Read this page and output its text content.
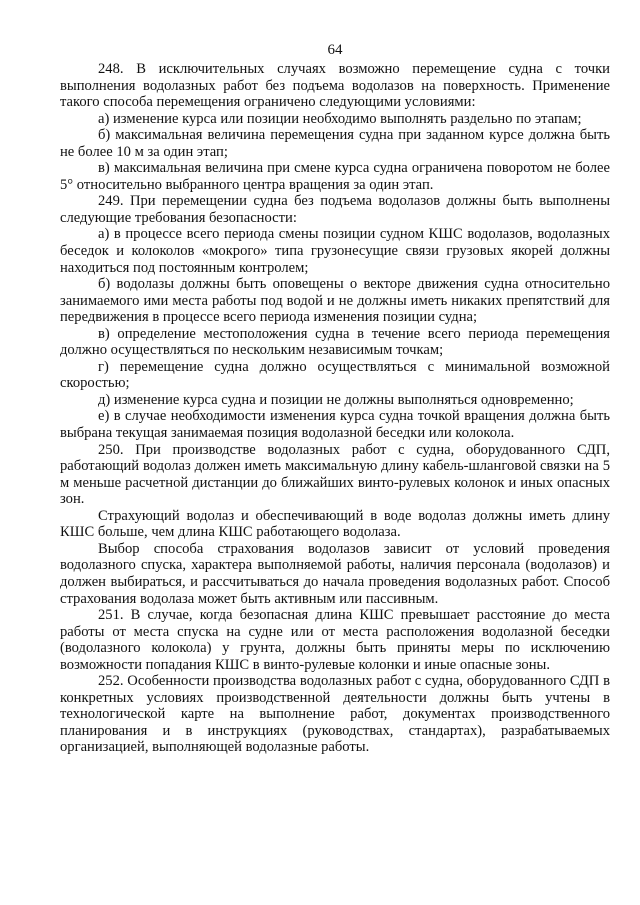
64

248. В исключительных случаях возможно перемещение судна с точки выполнения водолазных работ без подъема водолазов на поверхность. Применение такого способа перемещения ограничено следующими условиями:

а) изменение курса или позиции необходимо выполнять раздельно по этапам;

б) максимальная величина перемещения судна при заданном курсе должна быть не более 10 м за один этап;

в) максимальная величина при смене курса судна ограничена поворотом не более 5° относительно выбранного центра вращения за один этап.

249. При перемещении судна без подъема водолазов должны быть выполнены следующие требования безопасности:

а) в процессе всего периода смены позиции судном КШС водолазов, водолазных беседок и колоколов «мокрого» типа грузонесущие связи грузовых якорей должны находиться под постоянным контролем;

б) водолазы должны быть оповещены о векторе движения судна относительно занимаемого ими места работы под водой и не должны иметь никаких препятствий для передвижения в процессе всего периода изменения позиции судна;

в) определение местоположения судна в течение всего периода перемещения должно осуществляться по нескольким независимым точкам;

г) перемещение судна должно осуществляться с минимальной возможной скоростью;

д) изменение курса судна и позиции не должны выполняться одновременно;

е) в случае необходимости изменения курса судна точкой вращения должна быть выбрана текущая занимаемая позиция водолазной беседки или колокола.

250. При производстве водолазных работ с судна, оборудованного СДП, работающий водолаз должен иметь максимальную длину кабель-шланговой связки на 5 м меньше расчетной дистанции до ближайших винто-рулевых колонок и иных опасных зон.

Страхующий водолаз и обеспечивающий в воде водолаз должны иметь длину КШС больше, чем длина КШС работающего водолаза.

Выбор способа страхования водолазов зависит от условий проведения водолазного спуска, характера выполняемой работы, наличия персонала (водолазов) и должен выбираться, и рассчитываться до начала проведения водолазных работ. Способ страхования водолаза может быть активным или пассивным.

251. В случае, когда безопасная длина КШС превышает расстояние до места работы от места спуска на судне или от места расположения водолазной беседки (водолазного колокола) у грунта, должны быть приняты меры по исключению возможности попадания КШС в винто-рулевые колонки и иные опасные зоны.

252. Особенности производства водолазных работ с судна, оборудованного СДП в конкретных условиях производственной деятельности должны быть учтены в технологической карте на выполнение работ, документах производственного планирования и в инструкциях (руководствах, стандартах), разрабатываемых организацией, выполняющей водолазные работы.
